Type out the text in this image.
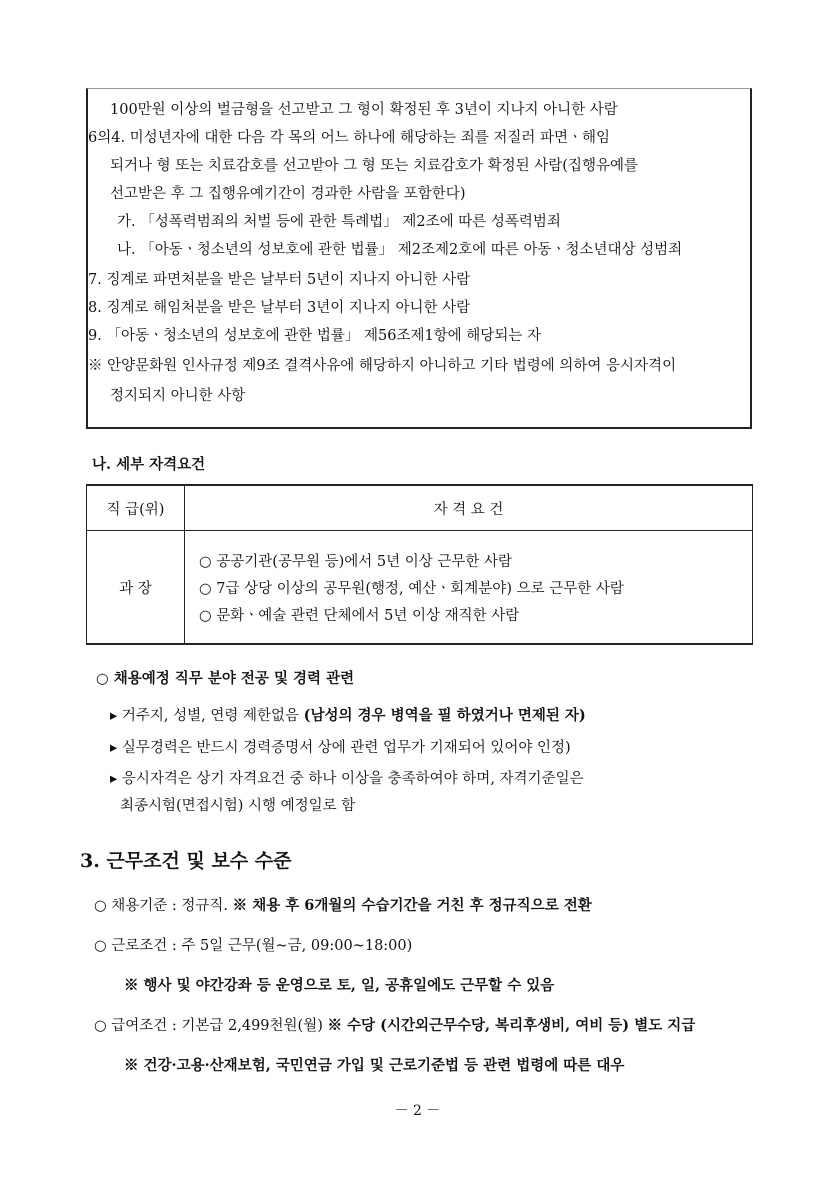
100만원 이상의 벌금형을 선고받고 그 형이 확정된 후 3년이 지나지 아니한 사람
6의4. 미성년자에 대한 다음 각 목의 어느 하나에 해당하는 죄를 저질러 파면ㆍ해임
되거나 형 또는 치료감호를 선고받아 그 형 또는 치료감호가 확정된 사람(집행유예를
선고받은 후 그 집행유예기간이 경과한 사람을 포함한다)
가. 「성폭력범죄의 처벌 등에 관한 특례법」 제2조에 따른 성폭력범죄
나. 「아동ㆍ청소년의 성보호에 관한 법률」 제2조제2호에 따른 아동ㆍ청소년대상 성범죄
7. 징계로 파면처분을 받은 날부터 5년이 지나지 아니한 사람
8. 징계로 해임처분을 받은 날부터 3년이 지나지 아니한 사람
9. 「아동ㆍ청소년의 성보호에 관한 법률」 제56조제1항에 해당되는 자
※ 안양문화원 인사규정 제9조 결격사유에 해당하지 아니하고 기타 법령에 의하여 응시자격이
정지되지 아니한 사항
나. 세부 자격요건
직 급(위)	자 격 요 건
과 장	○ 공공기관(공무원 등)에서 5년 이상 근무한 사람
○ 7급 상당 이상의 공무원(행정, 예산ㆍ회계분야) 으로 근무한 사람
○ 문화ㆍ예술 관련 단체에서 5년 이상 재직한 사람
○ 채용예정 직무 분야 전공 및 경력 관련
▸ 거주지, 성별, 연령 제한없음 (남성의 경우 병역을 필 하였거나 면제된 자)
▸ 실무경력은 반드시 경력증명서 상에 관련 업무가 기재되어 있어야 인정)
▸ 응시자격은 상기 자격요건 중 하나 이상을 충족하여야 하며, 자격기준일은
최종시험(면접시험) 시행 예정일로 함
3. 근무조건 및 보수 수준
○ 채용기준 : 정규직. ※ 채용 후 6개월의 수습기간을 거친 후 정규직으로 전환
○ 근로조건 : 주 5일 근무(월~금, 09:00~18:00)
※ 행사 및 야간강좌 등 운영으로 토, 일, 공휴일에도 근무할 수 있음
○ 급여조건 : 기본급 2,499천원(월) ※ 수당 (시간외근무수당, 복리후생비, 여비 등) 별도 지급
※ 건강·고용·산재보험, 국민연금 가입 및 근로기준법 등 관련 법령에 따른 대우
－ 2 －
